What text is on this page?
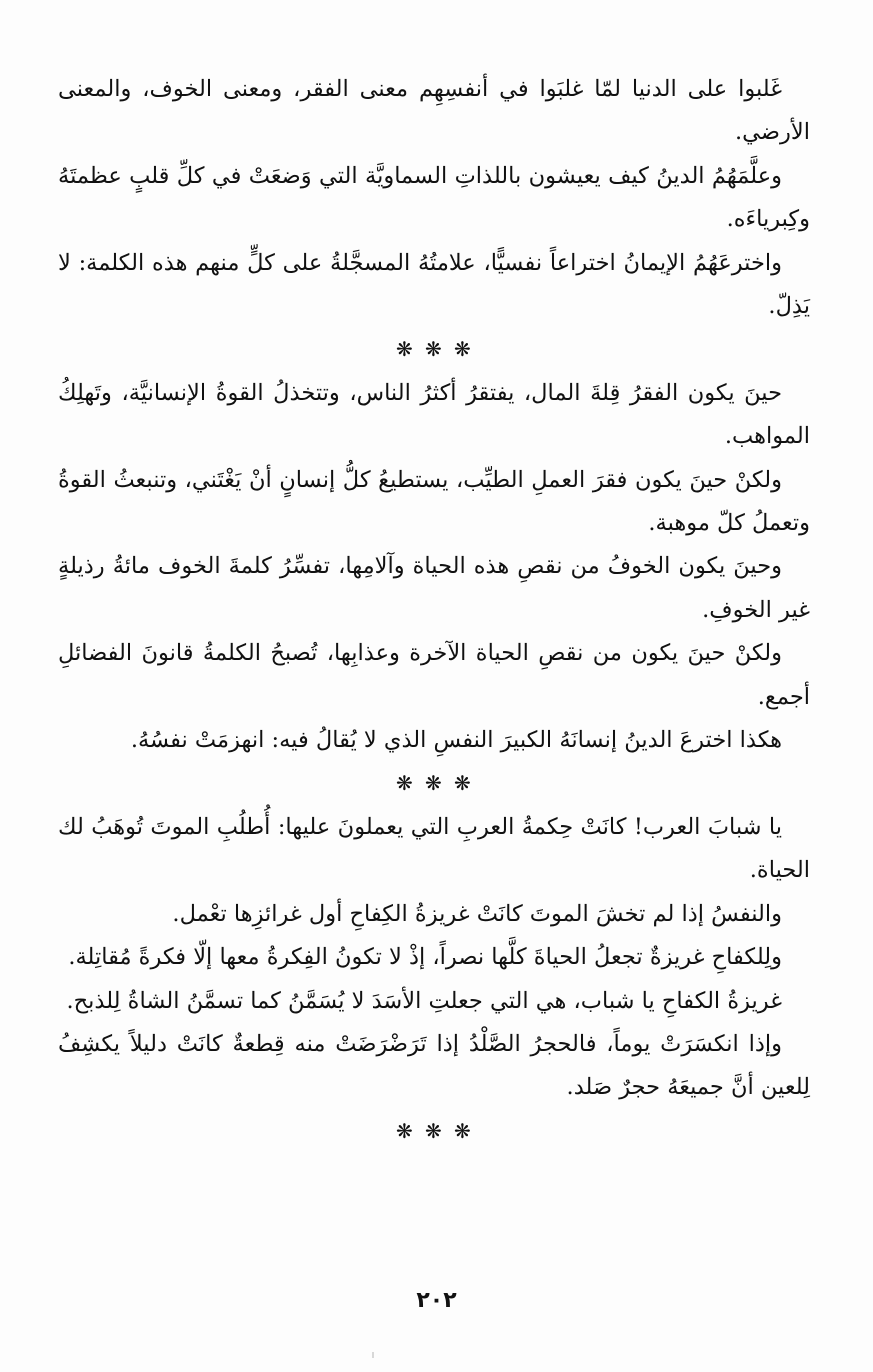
غَلبوا على الدنيا لمّا غلبَوا في أنفسِهِم معنى الفقر، ومعنى الخوف، والمعنى الأرضي.

وعلَّمَهُمُ الدينُ كيف يعيشون باللذاتِ السماويَّة التي وَضعَتْ في كلِّ قلبٍ عظمتَهُ وكِبرياءَه.

واخترعَهُمُ الإيمانُ اختراعاً نفسيًّا، علامتُهُ المسجَّلةُ على كلٍّ منهم هذه الكلمة: لا يَذِلّ.

❋ ❋ ❋

حينَ يكون الفقرُ قِلةَ المال، يفتقرُ أكثرُ الناس، وتتخذلُ القوةُ الإنسانيَّة، وتَهلِكُ المواهب.

ولكنْ حينَ يكون فقرَ العملِ الطيِّب، يستطيعُ كلُّ إنسانٍ أنْ يَغْتَني، وتنبعثُ القوةُ وتعملُ كلّ موهبة.

وحينَ يكون الخوفُ من نقصِ هذه الحياة وآلامِها، تفسِّرُ كلمةَ الخوف مائةُ رذيلةٍ غير الخوفِ.

ولكنْ حينَ يكون من نقصِ الحياة الآخرة وعذابِها، تُصبحُ الكلمةُ قانونَ الفضائلِ أجمع.

هكذا اخترعَ الدينُ إنسانَهُ الكبيرَ النفسِ الذي لا يُقالُ فيه: انهزمَتْ نفسُهُ.

❋ ❋ ❋

يا شبابَ العرب! كانَتْ حِكمةُ العربِ التي يعملونَ عليها: أُطلُبِ الموتَ تُوهَبُ لك الحياة.

والنفسُ إذا لم تخشَ الموتَ كانَتْ غريزةُ الكِفاحِ أول غرائزِها تعْمل.

ولِلكفاحِ غريزةٌ تجعلُ الحياةَ كلَّها نصراً، إذْ لا تكونُ الفِكرةُ معها إلّا فكرةً مُقاتِلة.

غريزةُ الكفاحِ يا شباب، هي التي جعلتِ الأسَدَ لا يُسَمَّنُ كما تسمَّنُ الشاةُ لِلذبح.

وإذا انكسَرَتْ يوماً، فالحجرُ الصَّلْدُ إذا تَرَضْرَضَتْ منه قِطعةٌ كانَتْ دليلاً يكشِفُ لِلعين أنَّ جميعَهُ حجرٌ صَلد.

❋ ❋ ❋
٢٠٢
